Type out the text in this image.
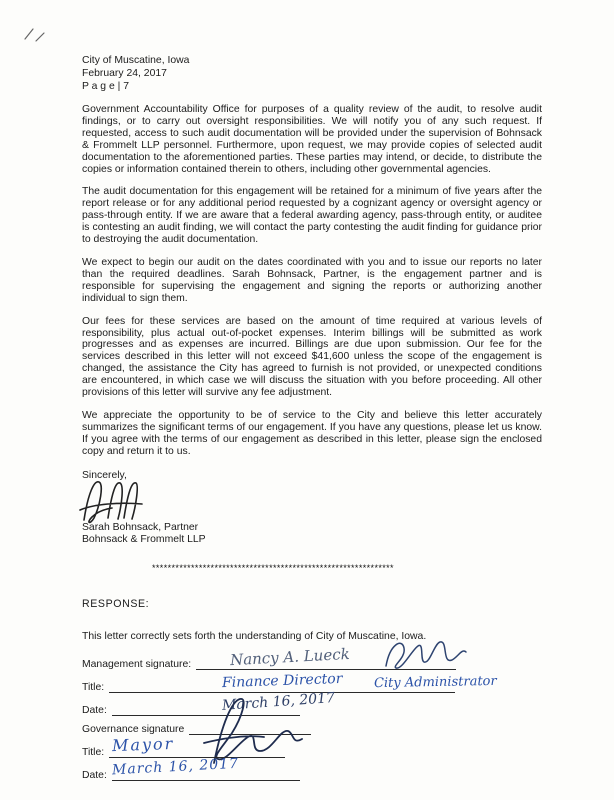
City of Muscatine, Iowa
February 24, 2017
P a g e | 7

Government Accountability Office for purposes of a quality review of the audit, to resolve audit findings, or to carry out oversight responsibilities. We will notify you of any such request. If requested, access to such audit documentation will be provided under the supervision of Bohnsack & Frommelt LLP personnel. Furthermore, upon request, we may provide copies of selected audit documentation to the aforementioned parties. These parties may intend, or decide, to distribute the copies or information contained therein to others, including other governmental agencies.

The audit documentation for this engagement will be retained for a minimum of five years after the report release or for any additional period requested by a cognizant agency or oversight agency or pass-through entity. If we are aware that a federal awarding agency, pass-through entity, or auditee is contesting an audit finding, we will contact the party contesting the audit finding for guidance prior to destroying the audit documentation.

We expect to begin our audit on the dates coordinated with you and to issue our reports no later than the required deadlines. Sarah Bohnsack, Partner, is the engagement partner and is responsible for supervising the engagement and signing the reports or authorizing another individual to sign them.

Our fees for these services are based on the amount of time required at various levels of responsibility, plus actual out-of-pocket expenses. Interim billings will be submitted as work progresses and as expenses are incurred. Billings are due upon submission. Our fee for the services described in this letter will not exceed $41,600 unless the scope of the engagement is changed, the assistance the City has agreed to furnish is not provided, or unexpected conditions are encountered, in which case we will discuss the situation with you before proceeding. All other provisions of this letter will survive any fee adjustment.

We appreciate the opportunity to be of service to the City and believe this letter accurately summarizes the significant terms of our engagement. If you have any questions, please let us know. If you agree with the terms of our engagement as described in this letter, please sign the enclosed copy and return it to us.

Sincerely,
Sarah Bohnsack, Partner
Bohnsack & Frommelt LLP
**************************************************************
RESPONSE:
This letter correctly sets forth the understanding of City of Muscatine, Iowa.
Management signature:	Nancy A. Lueck
Title:	Finance Director City Administrator
Date:	March 16, 2017
Governance signature
Title: Mayor
Date: March 16, 2017
